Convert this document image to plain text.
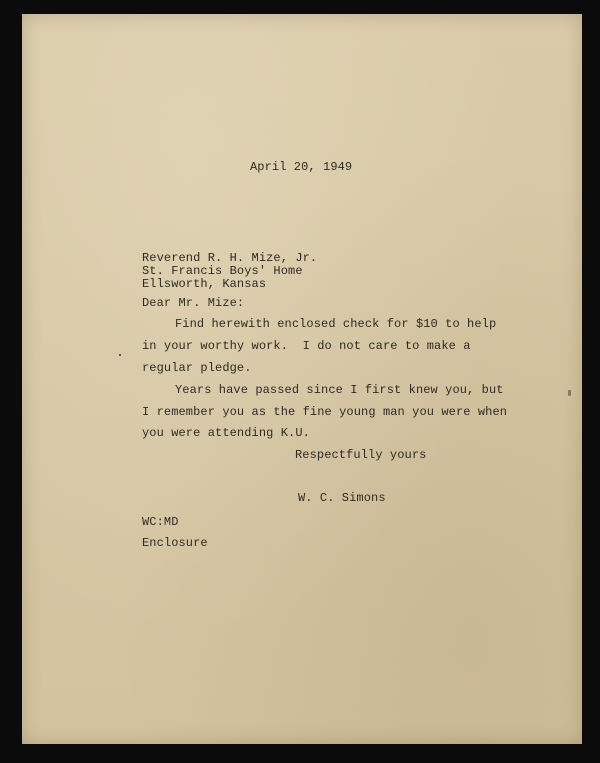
April 20, 1949

Reverend R. H. Mize, Jr.

St. Francis Boys' Home

Ellsworth, Kansas

Dear Mr. Mize:

Find herewith enclosed check for $10 to help

in your worthy work.  I do not care to make a

regular pledge.

Years have passed since I first knew you, but

I remember you as the fine young man you were when

you were attending K.U.

Respectfully yours

W. C. Simons

WC:MD

Enclosure
